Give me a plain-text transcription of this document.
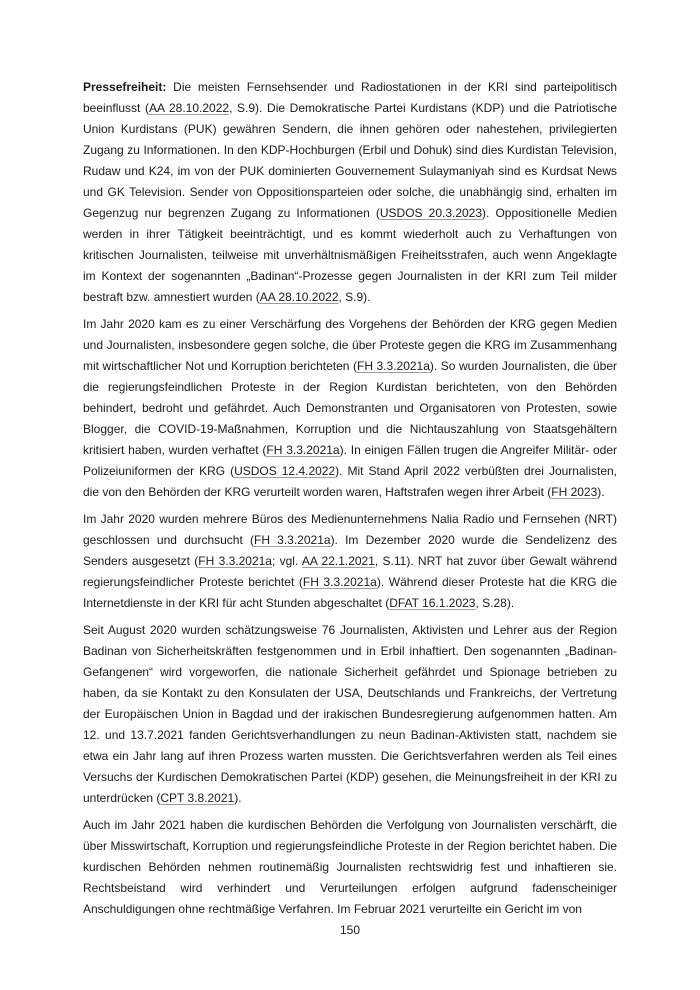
Pressefreiheit: Die meisten Fernsehsender und Radiostationen in der KRI sind parteipolitisch beeinflusst (AA 28.10.2022, S.9). Die Demokratische Partei Kurdistans (KDP) und die Patriotische Union Kurdistans (PUK) gewähren Sendern, die ihnen gehören oder nahestehen, privilegierten Zugang zu Informationen. In den KDP-Hochburgen (Erbil und Dohuk) sind dies Kurdistan Television, Rudaw und K24, im von der PUK dominierten Gouvernement Sulaymaniyah sind es Kurdsat News und GK Television. Sender von Oppositionsparteien oder solche, die unabhängig sind, erhalten im Gegenzug nur begrenzen Zugang zu Informationen (USDOS 20.3.2023). Oppositionelle Medien werden in ihrer Tätigkeit beeinträchtigt, und es kommt wiederholt auch zu Verhaftungen von kritischen Journalisten, teilweise mit unverhältnismäßigen Freiheitsstrafen, auch wenn Angeklagte im Kontext der sogenannten „Badinan“-Prozesse gegen Journalisten in der KRI zum Teil milder bestraft bzw. amnestiert wurden (AA 28.10.2022, S.9).

Im Jahr 2020 kam es zu einer Verschärfung des Vorgehens der Behörden der KRG gegen Medien und Journalisten, insbesondere gegen solche, die über Proteste gegen die KRG im Zusammenhang mit wirtschaftlicher Not und Korruption berichteten (FH 3.3.2021a). So wurden Journalisten, die über die regierungsfeindlichen Proteste in der Region Kurdistan berichteten, von den Behörden behindert, bedroht und gefährdet. Auch Demonstranten und Organisatoren von Protesten, sowie Blogger, die COVID-19-Maßnahmen, Korruption und die Nichtauszahlung von Staatsgehältern kritisiert haben, wurden verhaftet (FH 3.3.2021a). In einigen Fällen trugen die Angreifer Militär- oder Polizeiuniformen der KRG (USDOS 12.4.2022). Mit Stand April 2022 verbüßten drei Journalisten, die von den Behörden der KRG verurteilt worden waren, Haftstrafen wegen ihrer Arbeit (FH 2023).

Im Jahr 2020 wurden mehrere Büros des Medienunternehmens Nalia Radio und Fernsehen (NRT) geschlossen und durchsucht (FH 3.3.2021a). Im Dezember 2020 wurde die Sendelizenz des Senders ausgesetzt (FH 3.3.2021a; vgl. AA 22.1.2021, S.11). NRT hat zuvor über Gewalt während regierungsfeindlicher Proteste berichtet (FH 3.3.2021a). Während dieser Proteste hat die KRG die Internetdienste in der KRI für acht Stunden abgeschaltet (DFAT 16.1.2023, S.28).

Seit August 2020 wurden schätzungsweise 76 Journalisten, Aktivisten und Lehrer aus der Region Badinan von Sicherheitskräften festgenommen und in Erbil inhaftiert. Den sogenannten „Badinan-Gefangenen“ wird vorgeworfen, die nationale Sicherheit gefährdet und Spionage betrieben zu haben, da sie Kontakt zu den Konsulaten der USA, Deutschlands und Frankreichs, der Vertretung der Europäischen Union in Bagdad und der irakischen Bundesregierung aufgenommen hatten. Am 12. und 13.7.2021 fanden Gerichtsverhandlungen zu neun Badinan-Aktivisten statt, nachdem sie etwa ein Jahr lang auf ihren Prozess warten mussten. Die Gerichtsverfahren werden als Teil eines Versuchs der Kurdischen Demokratischen Partei (KDP) gesehen, die Meinungsfreiheit in der KRI zu unterdrücken (CPT 3.8.2021).

Auch im Jahr 2021 haben die kurdischen Behörden die Verfolgung von Journalisten verschärft, die über Misswirtschaft, Korruption und regierungsfeindliche Proteste in der Region berichtet haben. Die kurdischen Behörden nehmen routinemäßig Journalisten rechtswidrig fest und inhaftieren sie. Rechtsbeistand wird verhindert und Verurteilungen erfolgen aufgrund fadenscheiniger Anschuldigungen ohne rechtmäßige Verfahren. Im Februar 2021 verurteilte ein Gericht im von

150
